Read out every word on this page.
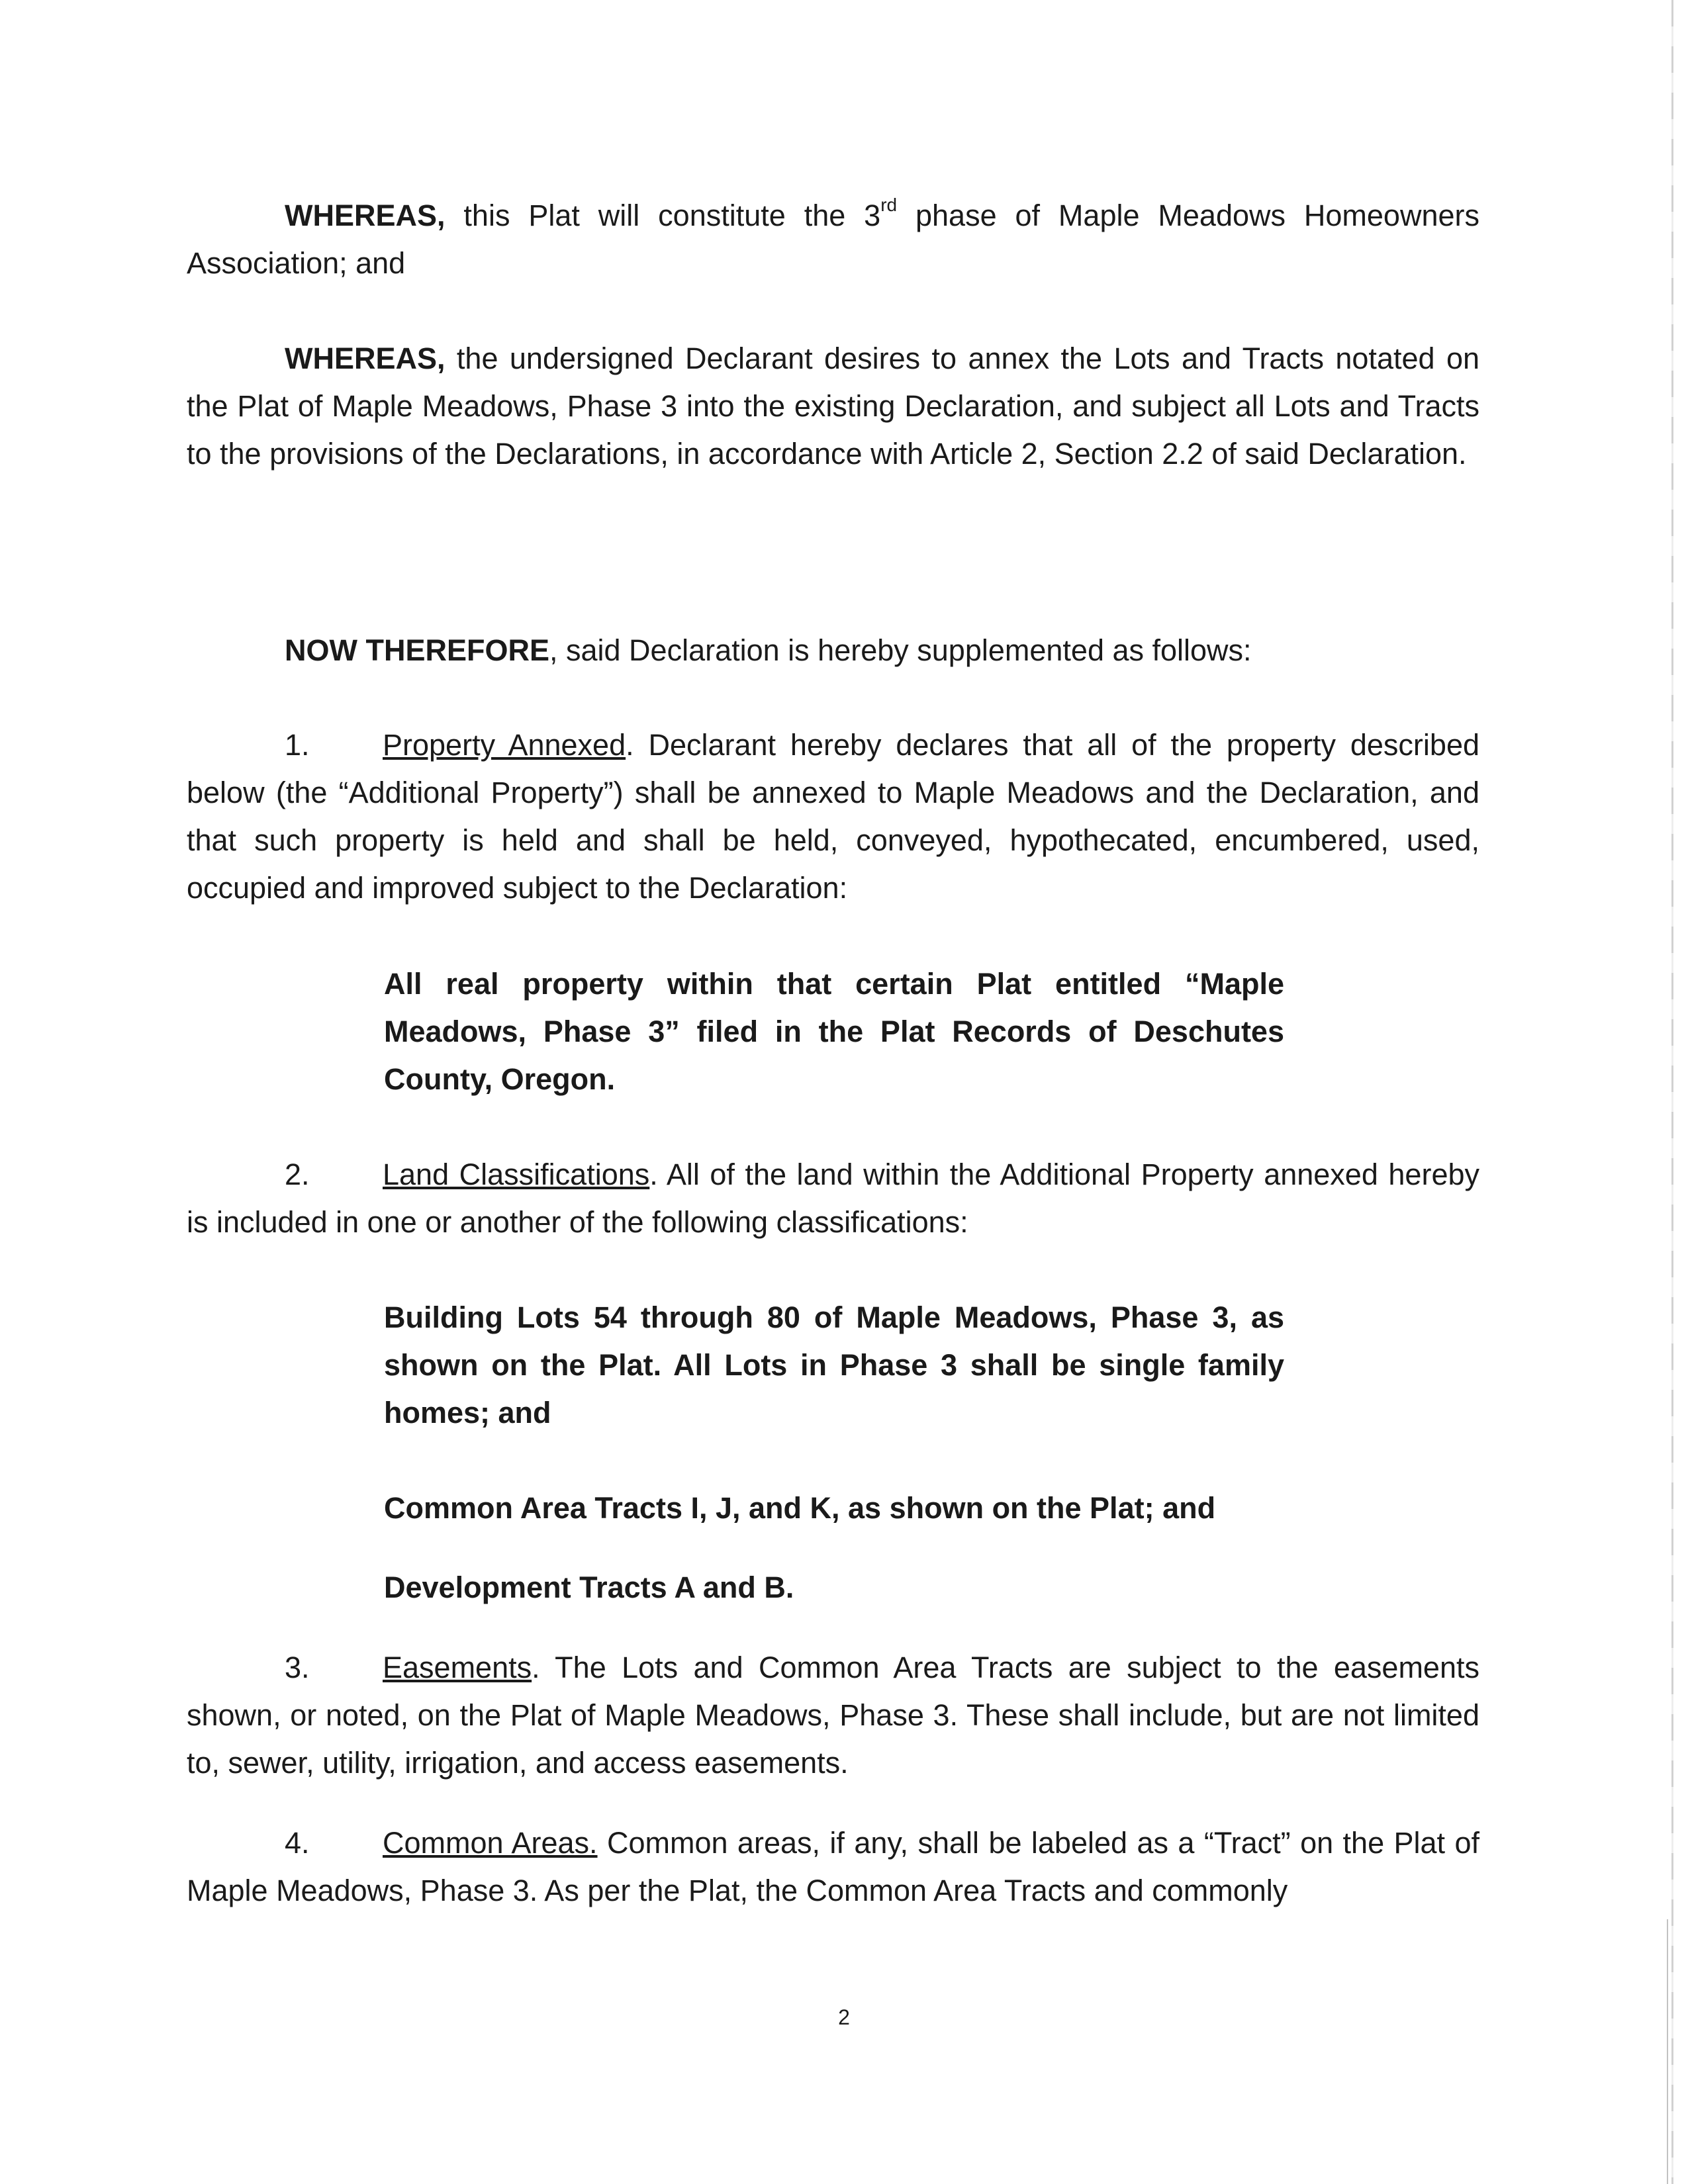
WHEREAS, this Plat will constitute the 3rd phase of Maple Meadows Homeowners Association; and

WHEREAS, the undersigned Declarant desires to annex the Lots and Tracts notated on the Plat of Maple Meadows, Phase 3 into the existing Declaration, and subject all Lots and Tracts to the provisions of the Declarations, in accordance with Article 2, Section 2.2 of said Declaration.

NOW THEREFORE, said Declaration is hereby supplemented as follows:

1. Property Annexed. Declarant hereby declares that all of the property described below (the “Additional Property”) shall be annexed to Maple Meadows and the Declaration, and that such property is held and shall be held, conveyed, hypothecated, encumbered, used, occupied and improved subject to the Declaration:

All real property within that certain Plat entitled “Maple Meadows, Phase 3” filed in the Plat Records of Deschutes County, Oregon.

2. Land Classifications. All of the land within the Additional Property annexed hereby is included in one or another of the following classifications:

Building Lots 54 through 80 of Maple Meadows, Phase 3, as shown on the Plat. All Lots in Phase 3 shall be single family homes; and

Common Area Tracts I, J, and K, as shown on the Plat; and

Development Tracts A and B.

3. Easements. The Lots and Common Area Tracts are subject to the easements shown, or noted, on the Plat of Maple Meadows, Phase 3. These shall include, but are not limited to, sewer, utility, irrigation, and access easements.

4. Common Areas. Common areas, if any, shall be labeled as a “Tract” on the Plat of Maple Meadows, Phase 3. As per the Plat, the Common Area Tracts and commonly

2
